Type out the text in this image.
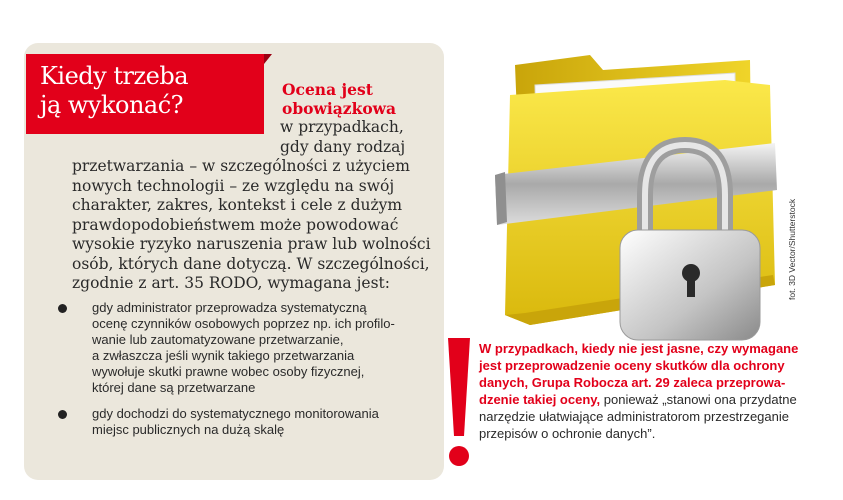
Kiedy trzeba
ją wykonać?
Ocena jest
obowiązkowa
w przypadkach,
gdy dany rodzaj
przetwarzania – w szczególności z użyciem
nowych technologii – ze względu na swój
charakter, zakres, kontekst i cele z dużym
prawdopodobieństwem może powodować
wysokie ryzyko naruszenia praw lub wolności
osób, których dane dotyczą. W szczególności,
zgodnie z art. 35 RODO, wymagana jest:
gdy administrator przeprowadza systematyczną
ocenę czynników osobowych poprzez np. ich profilo-
wanie lub zautomatyzowane przetwarzanie,
a zwłaszcza jeśli wynik takiego przetwarzania
wywołuje skutki prawne wobec osoby fizycznej,
której dane są przetwarzane
gdy dochodzi do systematycznego monitorowania
miejsc publicznych na dużą skalę
fot. 3D Vector/Shutterstock
W przypadkach, kiedy nie jest jasne, czy wymagane
jest przeprowadzenie oceny skutków dla ochrony
danych, Grupa Robocza art. 29 zaleca przeprowa-
dzenie takiej oceny, ponieważ „stanowi ona przydatne
narzędzie ułatwiające administratorom przestrzeganie
przepisów o ochronie danych”.
